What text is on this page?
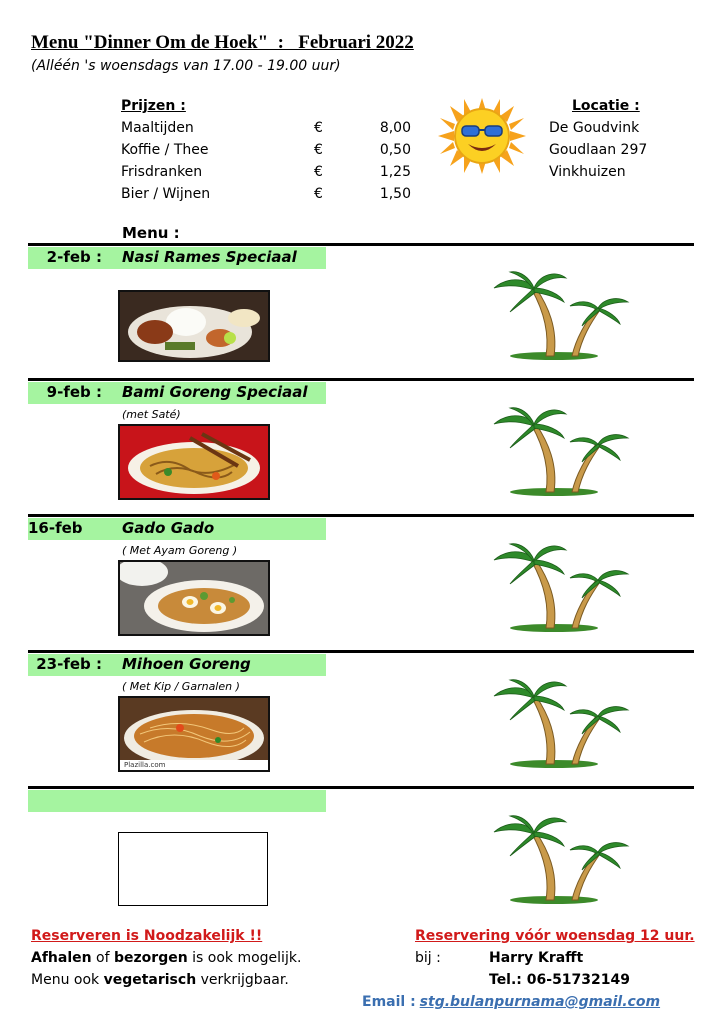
Menu "Dinner Om de Hoek"  :   Februari 2022
(Alléén 's woensdags van 17.00 - 19.00 uur)
Prijzen :
Maaltijden	€	8,00
Koffie / Thee	€	0,50
Frisdranken	€	1,25
Bier / Wijnen	€	1,50
Locatie :
De Goudvink
Goudlaan 297
Vinkhuizen
Menu :
2-feb : Nasi Rames Speciaal
9-feb : Bami Goreng Speciaal
(met Saté)
16-feb	Gado Gado
( Met Ayam Goreng )
23-feb : Mihoen Goreng
( Met Kip / Garnalen )
Plazilla.com
Reserveren is Noodzakelijk !!
Afhalen of bezorgen is ook mogelijk.
Menu ook vegetarisch verkrijgbaar.
Reservering vóór woensdag 12 uur.
bij :	Harry Krafft
Tel.: 06-51732149
Email : stg.bulanpurnama@gmail.com
